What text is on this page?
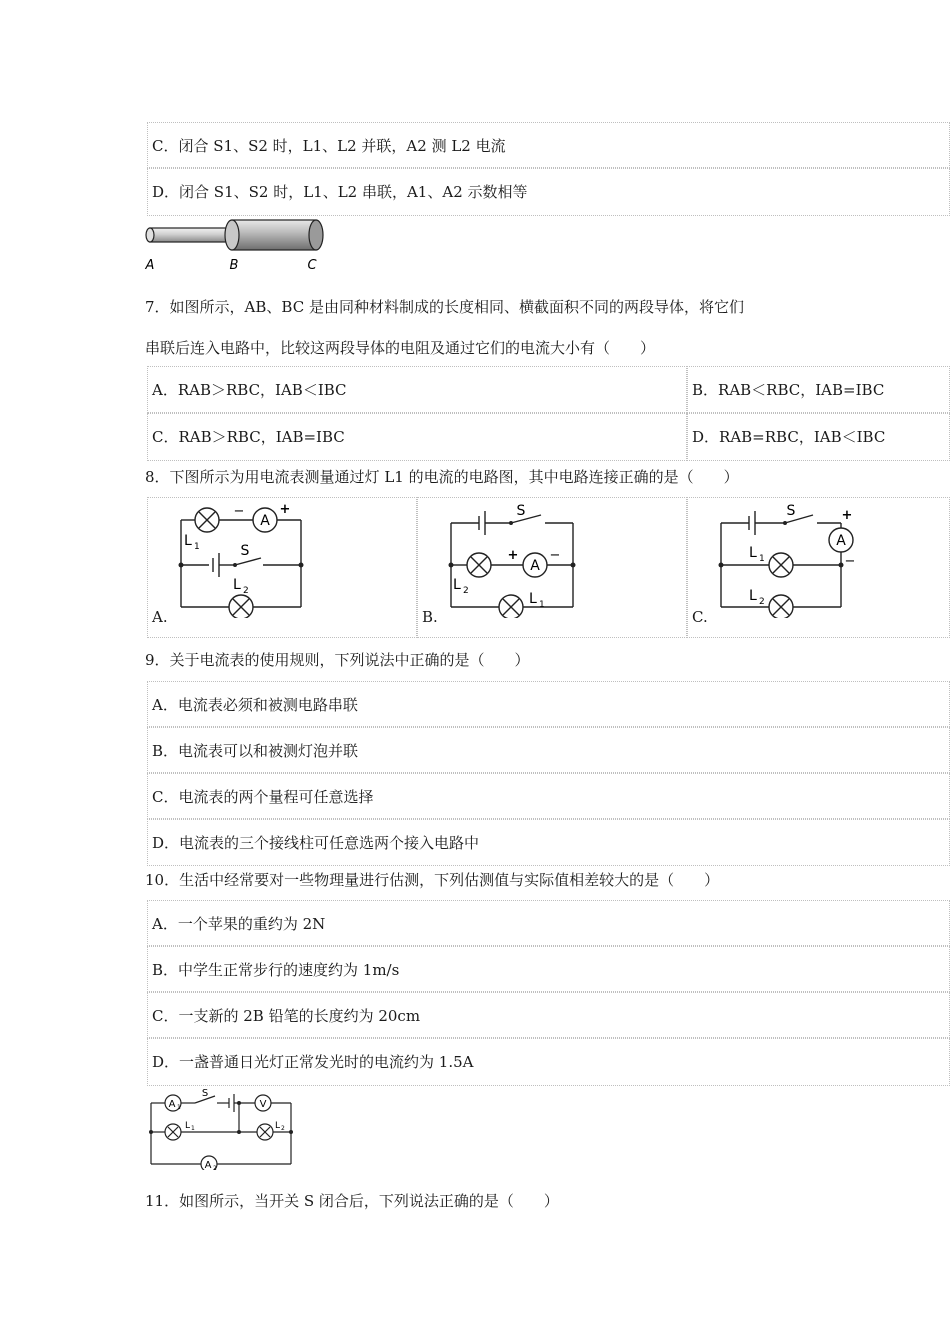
C．闭合 S1、S2 时，L1、L2 并联，A2 测 L2 电流
D．闭合 S1、S2 时，L1、L2 串联，A1、A2 示数相等
A	B	C
7．如图所示，AB、BC 是由同种材料制成的长度相同、横截面积不同的两段导体，将它们
串联后连入电路中，比较这两段导体的电阻及通过它们的电流大小有（　　）
A．RAB＞RBC，IAB＜IBC	B．RAB＜RBC，IAB=IBC
C．RAB＞RBC，IAB=IBC	D．RAB=RBC，IAB＜IBC
8．下图所示为用电流表测量通过灯 L1 的电流的电路图，其中电路连接正确的是（　　）
A.
A
−	+
S
L 1
L 2
B.
A
+ −
S
L 2	L 1
C.
A
+
−
S
L 1
L 2
9．关于电流表的使用规则，下列说法中正确的是（　　）
A．电流表必须和被测电路串联
B．电流表可以和被测灯泡并联
C．电流表的两个量程可任意选择
D．电流表的三个接线柱可任意选两个接入电路中
10．生活中经常要对一些物理量进行估测，下列估测值与实际值相差较大的是（　　）
A．一个苹果的重约为 2N
B．中学生正常步行的速度约为 1m/s
C．一支新的 2B 铅笔的长度约为 20cm
D．一盏普通日光灯正常发光时的电流约为 1.5A
A 1	V
S
L 1	L 2
A 2
11．如图所示，当开关 S 闭合后，下列说法正确的是（　　）
